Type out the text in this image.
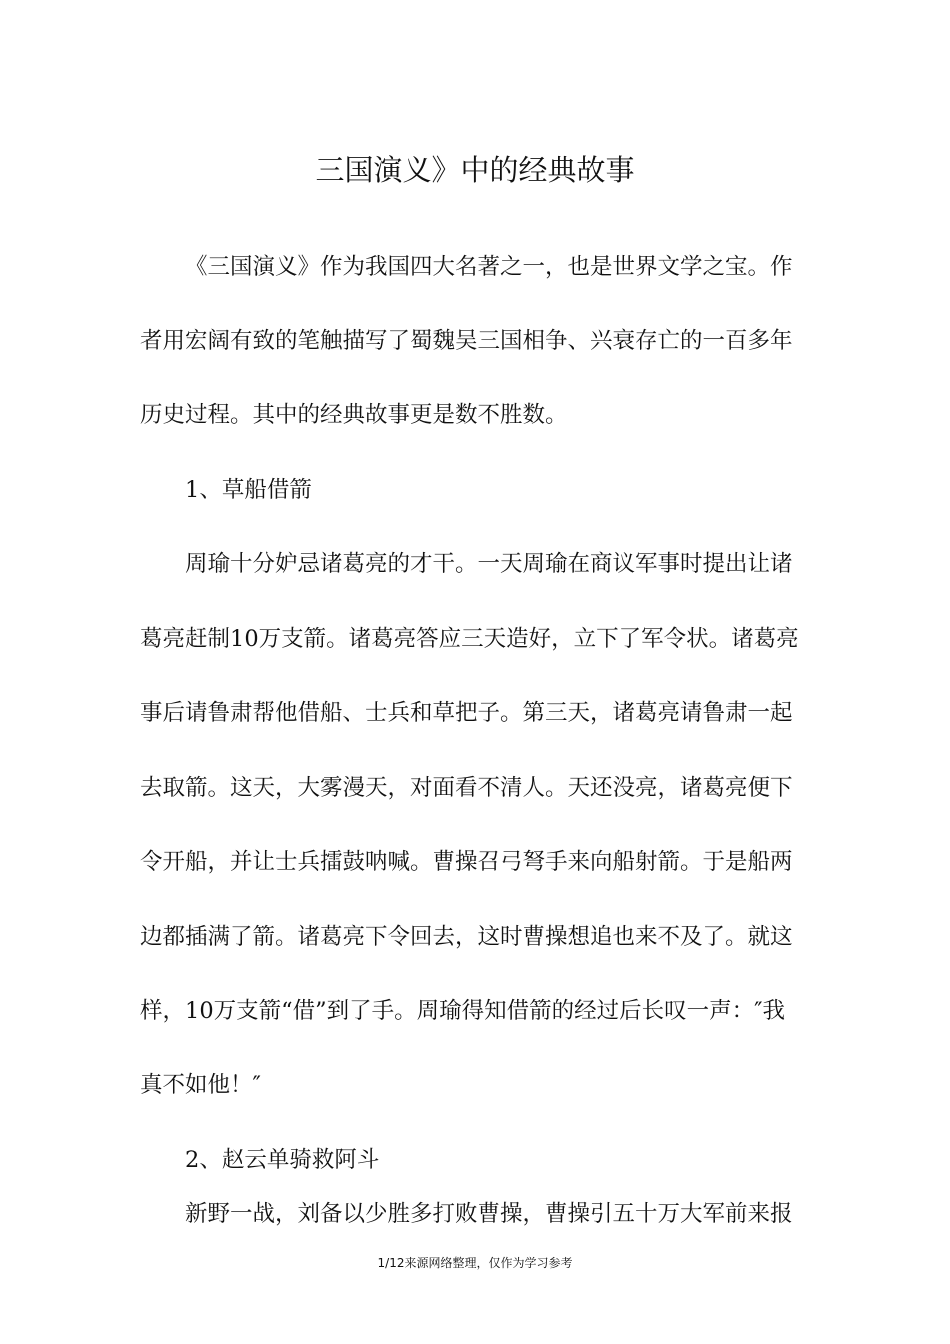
三国演义》中的经典故事

《三国演义》作为我国四大名著之一，也是世界文学之宝。作

者用宏阔有致的笔触描写了蜀魏吴三国相争、兴衰存亡的一百多年

历史过程。其中的经典故事更是数不胜数。

1、草船借箭

周瑜十分妒忌诸葛亮的才干。一天周瑜在商议军事时提出让诸

葛亮赶制10万支箭。诸葛亮答应三天造好，立下了军令状。诸葛亮

事后请鲁肃帮他借船、士兵和草把子。第三天，诸葛亮请鲁肃一起

去取箭。这天，大雾漫天，对面看不清人。天还没亮，诸葛亮便下

令开船，并让士兵擂鼓呐喊。曹操召弓弩手来向船射箭。于是船两

边都插满了箭。诸葛亮下令回去，这时曹操想追也来不及了。就这

样，10万支箭“借”到了手。周瑜得知借箭的经过后长叹一声：″我

真不如他！″

2、赵云单骑救阿斗

新野一战，刘备以少胜多打败曹操，曹操引五十万大军前来报

1/12来源网络整理，仅作为学习参考
